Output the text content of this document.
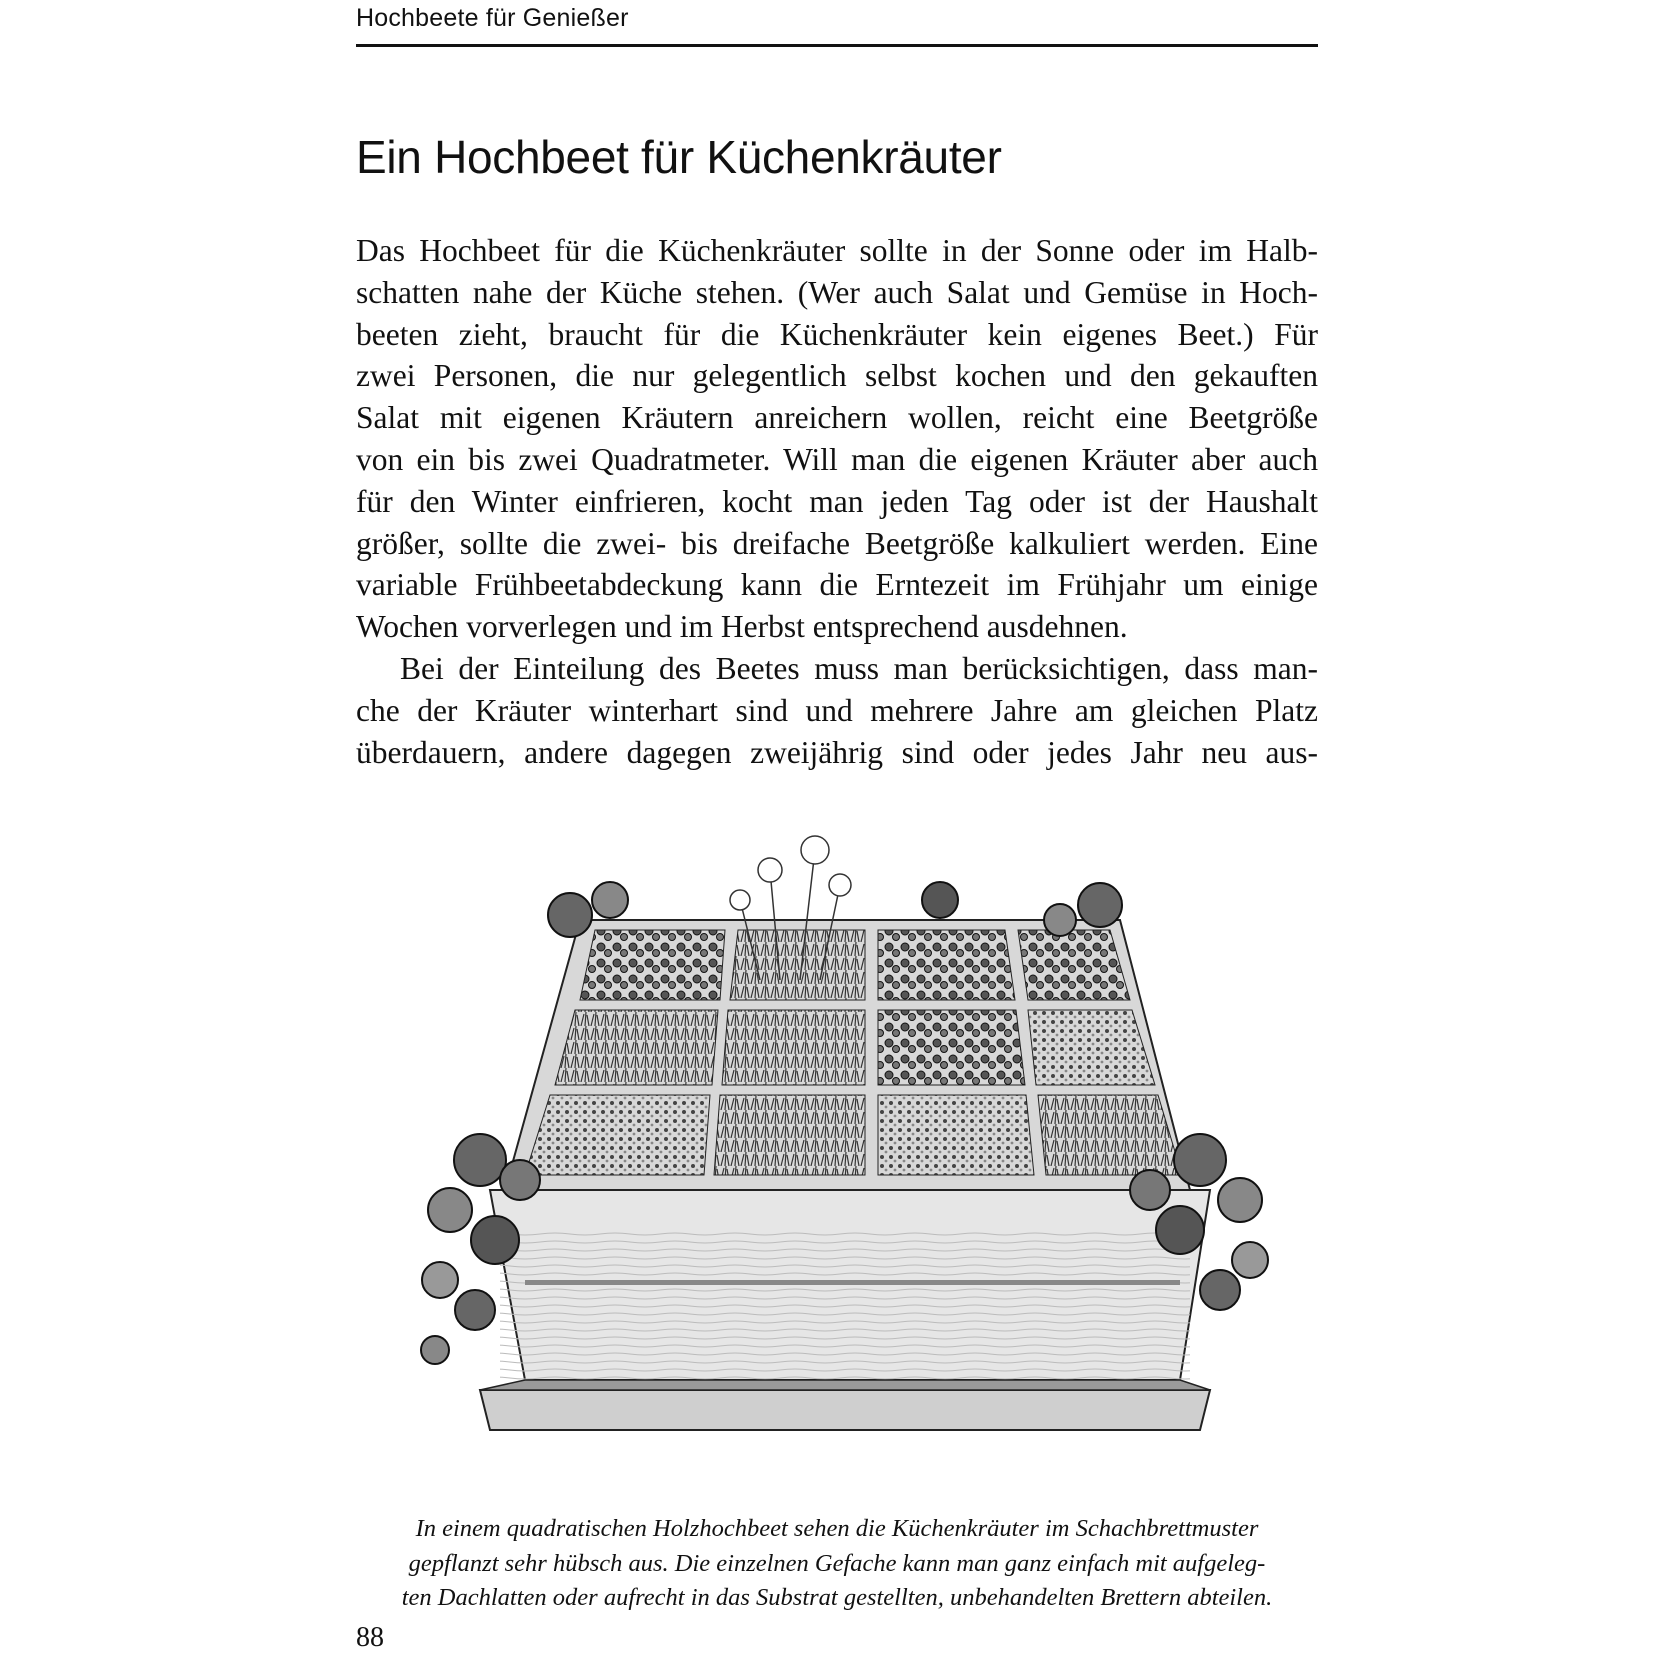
Hochbeete für Genießer
Ein Hochbeet für Küchenkräuter

Das Hochbeet für die Küchenkräuter sollte in der Sonne oder im Halb-

schatten nahe der Küche stehen. (Wer auch Salat und Gemüse in Hoch-

beeten zieht, braucht für die Küchenkräuter kein eigenes Beet.) Für

zwei Personen, die nur gelegentlich selbst kochen und den gekauften

Salat mit eigenen Kräutern anreichern wollen, reicht eine Beetgröße

von ein bis zwei Quadratmeter. Will man die eigenen Kräuter aber auch

für den Winter einfrieren, kocht man jeden Tag oder ist der Haushalt

größer, sollte die zwei- bis dreifache Beetgröße kalkuliert werden. Eine

variable Frühbeetabdeckung kann die Erntezeit im Frühjahr um einige

Wochen vorverlegen und im Herbst entsprechend ausdehnen.

Bei der Einteilung des Beetes muss man berücksichtigen, dass man-

che der Kräuter winterhart sind und mehrere Jahre am gleichen Platz

überdauern, andere dagegen zweijährig sind oder jedes Jahr neu aus-

In einem quadratischen Holzhochbeet sehen die Küchenkräuter im Schachbrettmuster

gepflanzt sehr hübsch aus. Die einzelnen Gefache kann man ganz einfach mit aufgeleg-

ten Dachlatten oder aufrecht in das Substrat gestellten, unbehandelten Brettern abteilen.

88
